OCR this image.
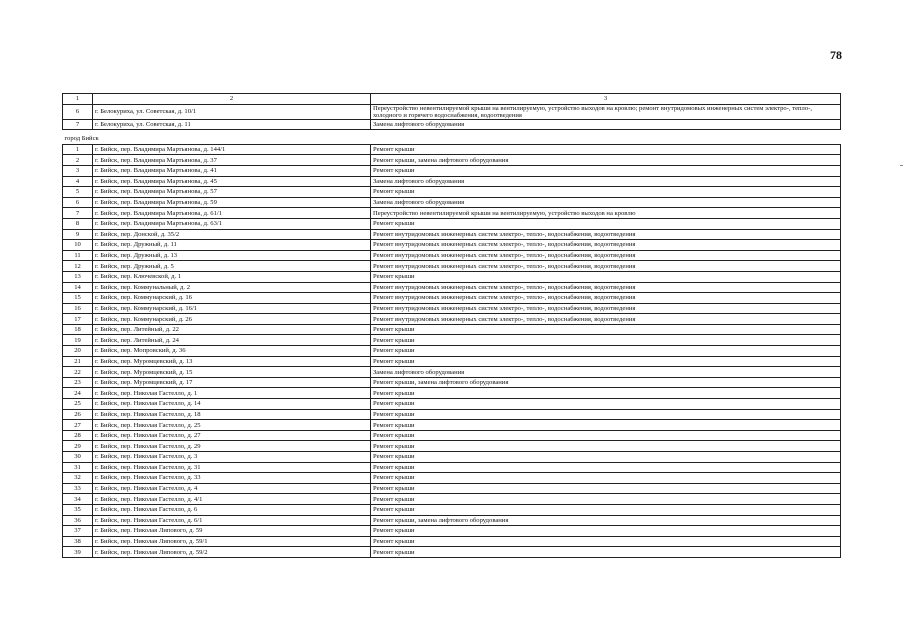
78
1	2	3
6	г. Белокуриха, ул. Советская, д. 10/1	Переустройство невентилируемой крыши на вентилируемую, устройство выходов на кровлю; ремонт внутридомовых инженерных систем электро-, тепло-, холодного и горячего водоснабжения, водоотведения
7	г. Белокуриха, ул. Советская, д. 11	Замена лифтового оборудования
город Бийск		
1	г. Бийск, пер. Владимира Мартьянова, д. 144/1	Ремонт крыши
2	г. Бийск, пер. Владимира Мартьянова, д. 37	Ремонт крыши, замена лифтового оборудования
3	г. Бийск, пер. Владимира Мартьянова, д. 41	Ремонт крыши
4	г. Бийск, пер. Владимира Мартьянова, д. 45	Замена лифтового оборудования
5	г. Бийск, пер. Владимира Мартьянова, д. 57	Ремонт крыши
6	г. Бийск, пер. Владимира Мартьянова, д. 59	Замена лифтового оборудования
7	г. Бийск, пер. Владимира Мартьянова, д. 61/1	Переустройство невентилируемой крыши на вентилируемую, устройство выходов на кровлю
8	г. Бийск, пер. Владимира Мартьянова, д. 63/1	Ремонт крыши
9	г. Бийск, пер. Донской, д. 35/2	Ремонт внутридомовых инженерных систем электро-, тепло-, водоснабжения, водоотведения
10	г. Бийск, пер. Дружный, д. 11	Ремонт внутридомовых инженерных систем электро-, тепло-, водоснабжения, водоотведения
11	г. Бийск, пер. Дружный, д. 13	Ремонт внутридомовых инженерных систем электро-, тепло-, водоснабжения, водоотведения
12	г. Бийск, пер. Дружный, д. 5	Ремонт внутридомовых инженерных систем электро-, тепло-, водоснабжения, водоотведения
13	г. Бийск, пер. Ключевской, д. 1	Ремонт крыши
14	г. Бийск, пер. Коммунальный, д. 2	Ремонт внутридомовых инженерных систем электро-, тепло-, водоснабжения, водоотведения
15	г. Бийск, пер. Коммунарский, д. 16	Ремонт внутридомовых инженерных систем электро-, тепло-, водоснабжения, водоотведения
16	г. Бийск, пер. Коммунарский, д. 16/1	Ремонт внутридомовых инженерных систем электро-, тепло-, водоснабжения, водоотведения
17	г. Бийск, пер. Коммунарский, д. 26	Ремонт внутридомовых инженерных систем электро-, тепло-, водоснабжения, водоотведения
18	г. Бийск, пер. Литейный, д. 22	Ремонт крыши
19	г. Бийск, пер. Литейный, д. 24	Ремонт крыши
20	г. Бийск, пер. Мопровский, д. 36	Ремонт крыши
21	г. Бийск, пер. Муромцевский, д. 13	Ремонт крыши
22	г. Бийск, пер. Муромцевский, д. 15	Замена лифтового оборудования
23	г. Бийск, пер. Муромцевский, д. 17	Ремонт крыши, замена лифтового оборудования
24	г. Бийск, пер. Николая Гастелло, д. 1	Ремонт крыши
25	г. Бийск, пер. Николая Гастелло, д. 14	Ремонт крыши
26	г. Бийск, пер. Николая Гастелло, д. 18	Ремонт крыши
27	г. Бийск, пер. Николая Гастелло, д. 25	Ремонт крыши
28	г. Бийск, пер. Николая Гастелло, д. 27	Ремонт крыши
29	г. Бийск, пер. Николая Гастелло, д. 29	Ремонт крыши
30	г. Бийск, пер. Николая Гастелло, д. 3	Ремонт крыши
31	г. Бийск, пер. Николая Гастелло, д. 31	Ремонт крыши
32	г. Бийск, пер. Николая Гастелло, д. 33	Ремонт крыши
33	г. Бийск, пер. Николая Гастелло, д. 4	Ремонт крыши
34	г. Бийск, пер. Николая Гастелло, д. 4/1	Ремонт крыши
35	г. Бийск, пер. Николая Гастелло, д. 6	Ремонт крыши
36	г. Бийск, пер. Николая Гастелло, д. 6/1	Ремонт крыши, замена лифтового оборудования
37	г. Бийск, пер. Николая Липового, д. 59	Ремонт крыши
38	г. Бийск, пер. Николая Липового, д. 59/1	Ремонт крыши
39	г. Бийск, пер. Николая Липового, д. 59/2	Ремонт крыши
